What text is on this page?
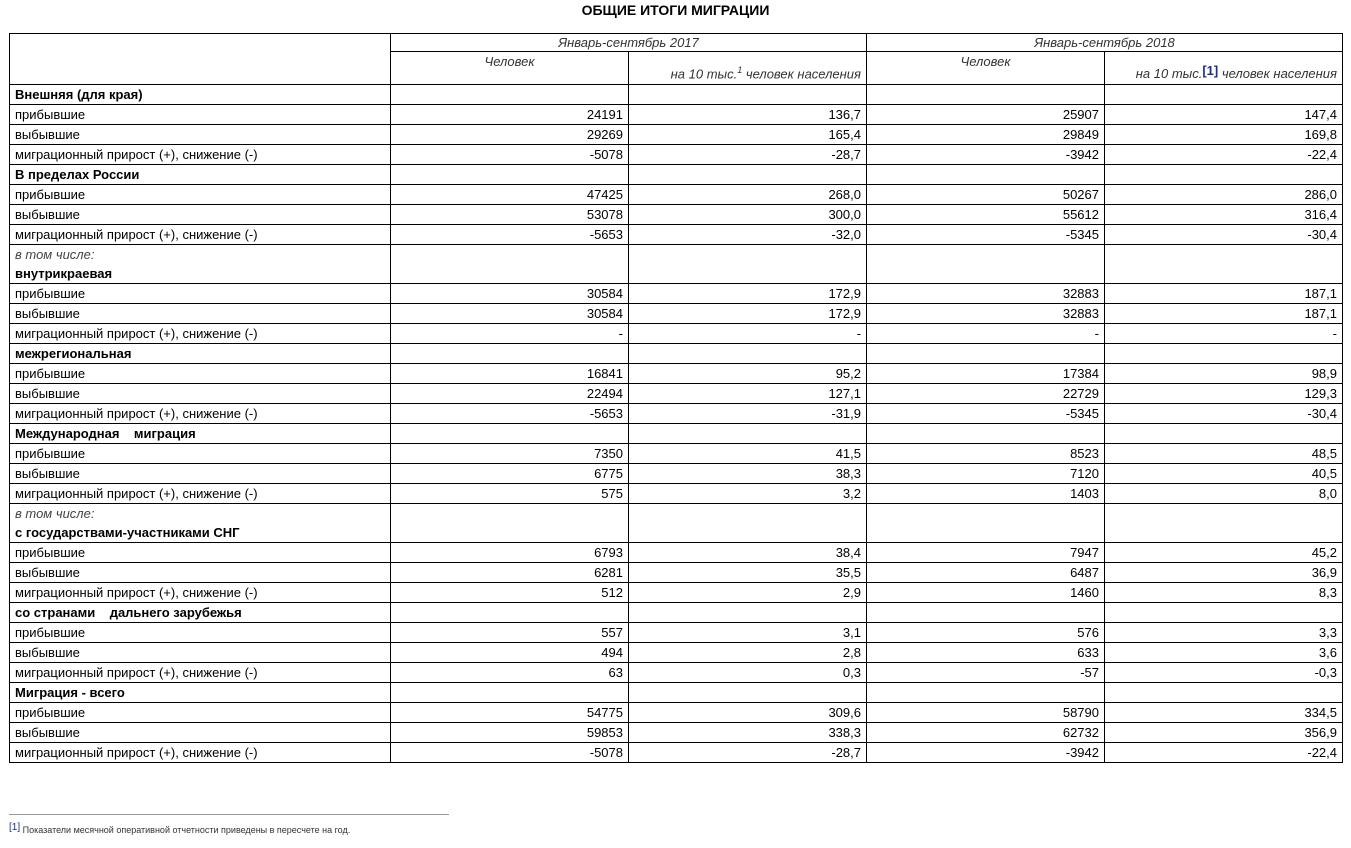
ОБЩИЕ ИТОГИ МИГРАЦИИ
	Январь-сентябрь 2017		Январь-сентябрь 2018	
	Человек	на 10 тыс.$^1$ человек населения	Человек	на 10 тыс.[1] человек населения
Внешняя (для края)				
прибывшие	24191	136,7	25907	147,4
выбывшие	29269	165,4	29849	169,8
миграционный прирост (+), снижение (-)	-5078	-28,7	-3942	-22,4
В пределах России				
прибывшие	47425	268,0	50267	286,0
выбывшие	53078	300,0	55612	316,4
миграционный прирост (+), снижение (-)	-5653	-32,0	-5345	-30,4

в том числе:
внутрикраевая				

прибывшие	30584	172,9	32883	187,1
выбывшие	30584	172,9	32883	187,1
миграционный прирост (+), снижение (-)	-	-	-	-
межрегиональная				
прибывшие	16841	95,2	17384	98,9
выбывшие	22494	127,1	22729	129,3
миграционный прирост (+), снижение (-)	-5653	-31,9	-5345	-30,4
Международная    миграция				
прибывшие	7350	41,5	8523	48,5
выбывшие	6775	38,3	7120	40,5
миграционный прирост (+), снижение (-)	575	3,2	1403	8,0

в том числе:
с государствами-участниками СНГ				

прибывшие	6793	38,4	7947	45,2
выбывшие	6281	35,5	6487	36,9
миграционный прирост (+), снижение (-)	512	2,9	1460	8,3
со странами    дальнего зарубежья				
прибывшие	557	3,1	576	3,3
выбывшие	494	2,8	633	3,6
миграционный прирост (+), снижение (-)	63	0,3	-57	-0,3
Миграция - всего				
прибывшие	54775	309,6	58790	334,5
выбывшие	59853	338,3	62732	356,9
миграционный прирост (+), снижение (-)	-5078	-28,7	-3942	-22,4
[1] Показатели месячной оперативной отчетности приведены в пересчете на год.
